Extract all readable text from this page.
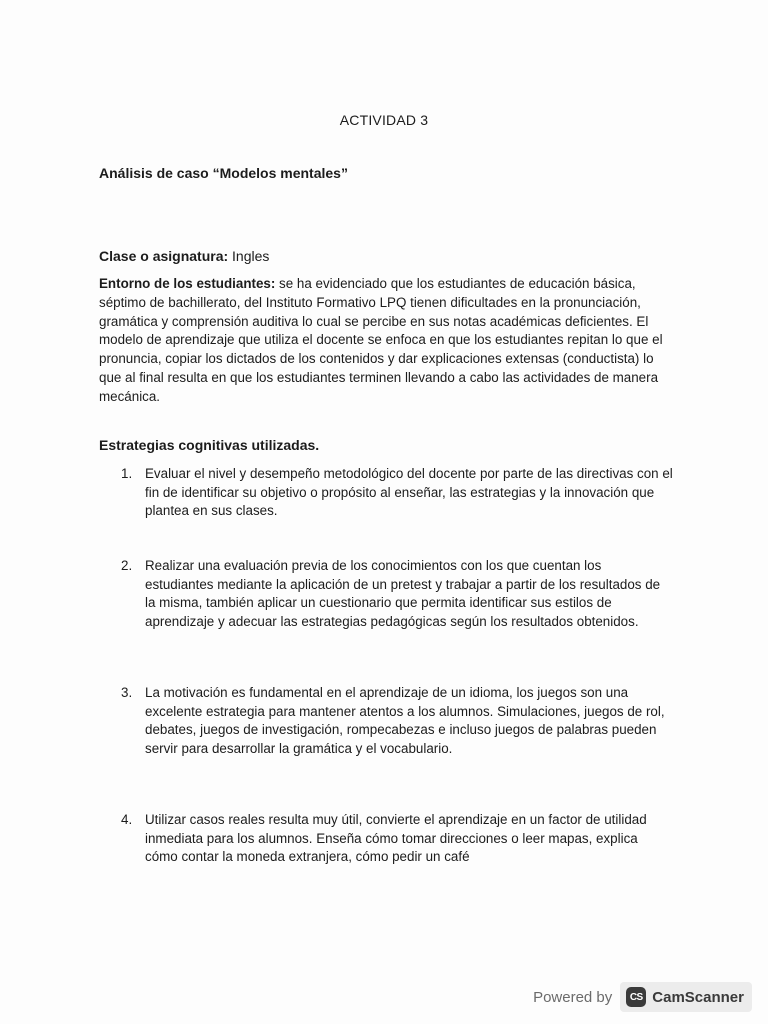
ACTIVIDAD 3
Análisis de caso “Modelos mentales”
Clase o asignatura: Ingles

Entorno de los estudiantes: se ha evidenciado que los estudiantes de educación básica, séptimo de bachillerato, del Instituto Formativo LPQ tienen dificultades en la pronunciación, gramática y comprensión auditiva lo cual se percibe en sus notas académicas deficientes. El modelo de aprendizaje que utiliza el docente se enfoca en que los estudiantes repitan lo que el pronuncia, copiar los dictados de los contenidos y dar explicaciones extensas (conductista) lo que al final resulta en que los estudiantes terminen llevando a cabo las actividades de manera mecánica.

Estrategias cognitivas utilizadas.
1. Evaluar el nivel y desempeño metodológico del docente por parte de las directivas con el fin de identificar su objetivo o propósito al enseñar, las estrategias y la innovación que plantea en sus clases.
2. Realizar una evaluación previa de los conocimientos con los que cuentan los estudiantes mediante la aplicación de un pretest y trabajar a partir de los resultados de la misma, también aplicar un cuestionario que permita identificar sus estilos de aprendizaje y adecuar las estrategias pedagógicas según los resultados obtenidos.
3. La motivación es fundamental en el aprendizaje de un idioma, los juegos son una excelente estrategia para mantener atentos a los alumnos. Simulaciones, juegos de rol, debates, juegos de investigación, rompecabezas e incluso juegos de palabras pueden servir para desarrollar la gramática y el vocabulario.
4. Utilizar casos reales resulta muy útil, convierte el aprendizaje en un factor de utilidad inmediata para los alumnos. Enseña cómo tomar direcciones o leer mapas, explica cómo contar la moneda extranjera, cómo pedir un café
Powered by	CS CamScanner
